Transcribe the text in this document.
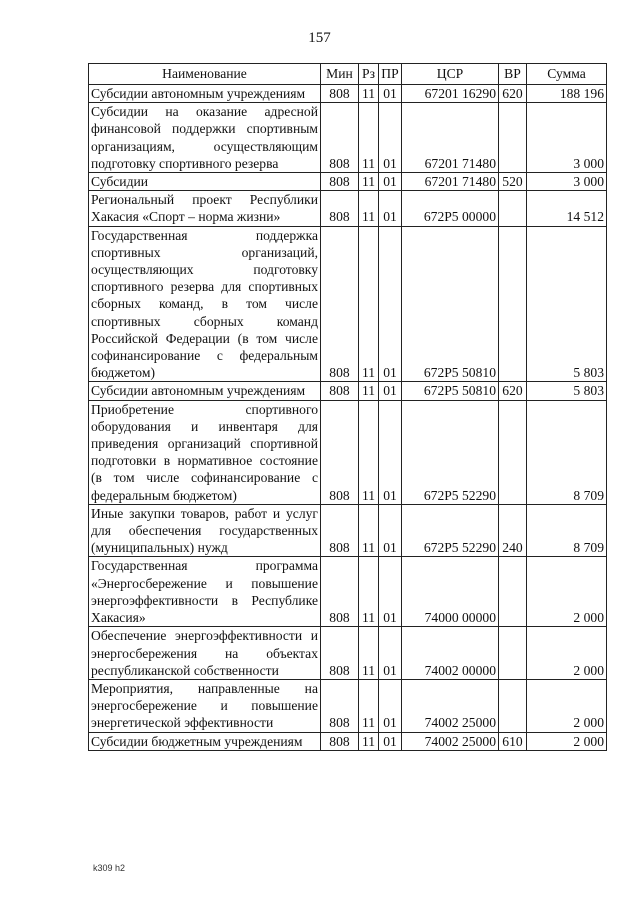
157
Наименование	Мин	Рз	ПР	ЦСР	ВР	Сумма
Субсидии автономным учреждениям	808	11	01	67201 16290	620	188 196
Субсидии на оказание адресной финансовой поддержки спортивным организациям, осуществляющим подготовку спортивного резерва	808	11	01	67201 71480		3 000
Субсидии	808	11	01	67201 71480	520	3 000
Региональный проект Республики Хакасия «Спорт – норма жизни»	808	11	01	672P5 00000		14 512
Государственная поддержка спортивных организаций, осуществляющих подготовку спортивного резерва для спортивных сборных команд, в том числе спортивных сборных команд Российской Федерации (в том числе софинансирование с федеральным бюджетом)	808	11	01	672P5 50810		5 803
Субсидии автономным учреждениям	808	11	01	672P5 50810	620	5 803
Приобретение спортивного оборудования и инвентаря для приведения организаций спортивной подготовки в нормативное состояние (в том числе софинансирование с федеральным бюджетом)	808	11	01	672P5 52290		8 709
Иные закупки товаров, работ и услуг для обеспечения государственных (муниципальных) нужд	808	11	01	672P5 52290	240	8 709
Государственная программа «Энергосбережение и повышение энергоэффективности в Республике Хакасия»	808	11	01	74000 00000		2 000
Обеспечение энергоэффективности и энергосбережения на объектах республиканской собственности	808	11	01	74002 00000		2 000
Мероприятия, направленные на энергосбережение и повышение энергетической эффективности	808	11	01	74002 25000		2 000
Субсидии бюджетным учреждениям	808	11	01	74002 25000	610	2 000
k309 h2
